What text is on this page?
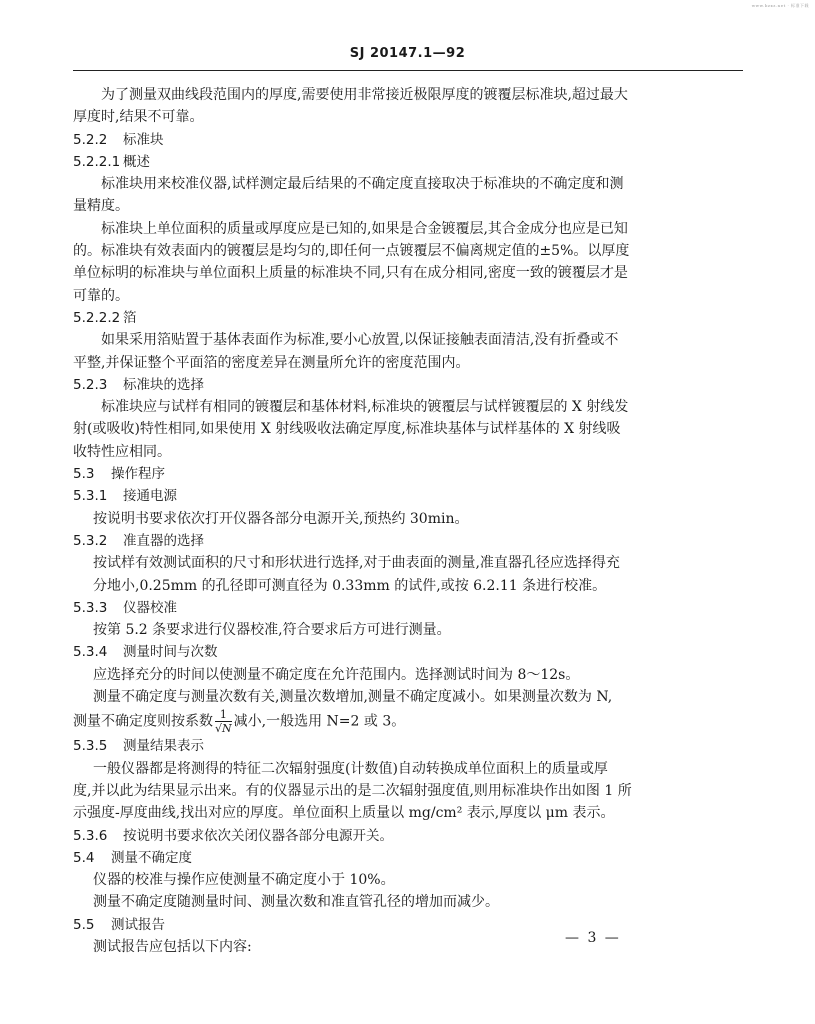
www.bzxz.net · 标准下载
SJ 20147.1—92
为了测量双曲线段范围内的厚度,需要使用非常接近极限厚度的镀覆层标准块,超过最大
厚度时,结果不可靠。
5.2.2 标准块
5.2.2.1 概述
标准块用来校准仪器,试样测定最后结果的不确定度直接取决于标准块的不确定度和测
量精度。
标准块上单位面积的质量或厚度应是已知的,如果是合金镀覆层,其合金成分也应是已知
的。标准块有效表面内的镀覆层是均匀的,即任何一点镀覆层不偏离规定值的±5%。以厚度
单位标明的标准块与单位面积上质量的标准块不同,只有在成分相同,密度一致的镀覆层才是
可靠的。
5.2.2.2 箔
如果采用箔贴置于基体表面作为标准,要小心放置,以保证接触表面清洁,没有折叠或不
平整,并保证整个平面箔的密度差异在测量所允许的密度范围内。
5.2.3 标准块的选择
标准块应与试样有相同的镀覆层和基体材料,标准块的镀覆层与试样镀覆层的 X 射线发
射(或吸收)特性相同,如果使用 X 射线吸收法确定厚度,标准块基体与试样基体的 X 射线吸
收特性应相同。
5.3 操作程序
5.3.1 接通电源
按说明书要求依次打开仪器各部分电源开关,预热约 30min。
5.3.2 准直器的选择
按试样有效测试面积的尺寸和形状进行选择,对于曲表面的测量,准直器孔径应选择得充
分地小,0.25mm 的孔径即可测直径为 0.33mm 的试件,或按 6.2.11 条进行校准。
5.3.3 仪器校准
按第 5.2 条要求进行仪器校准,符合要求后方可进行测量。
5.3.4 测量时间与次数
应选择充分的时间以使测量不确定度在允许范围内。选择测试时间为 8～12s。
测量不确定度与测量次数有关,测量次数增加,测量不确定度减小。如果测量次数为 N,
测量不确定度则按系数 $\frac{1}{√N}$ 减小,一般选用 N=2 或 3。
5.3.5 测量结果表示
一般仪器都是将测得的特征二次辐射强度(计数值)自动转换成单位面积上的质量或厚
度,并以此为结果显示出来。有的仪器显示出的是二次辐射强度值,则用标准块作出如图 1 所
示强度-厚度曲线,找出对应的厚度。单位面积上质量以 mg/cm² 表示,厚度以 μm 表示。
5.3.6 按说明书要求依次关闭仪器各部分电源开关。
5.4 测量不确定度
仪器的校准与操作应使测量不确定度小于 10%。
测量不确定度随测量时间、测量次数和准直管孔径的增加而减少。
5.5 测试报告
测试报告应包括以下内容:
— 3 —
